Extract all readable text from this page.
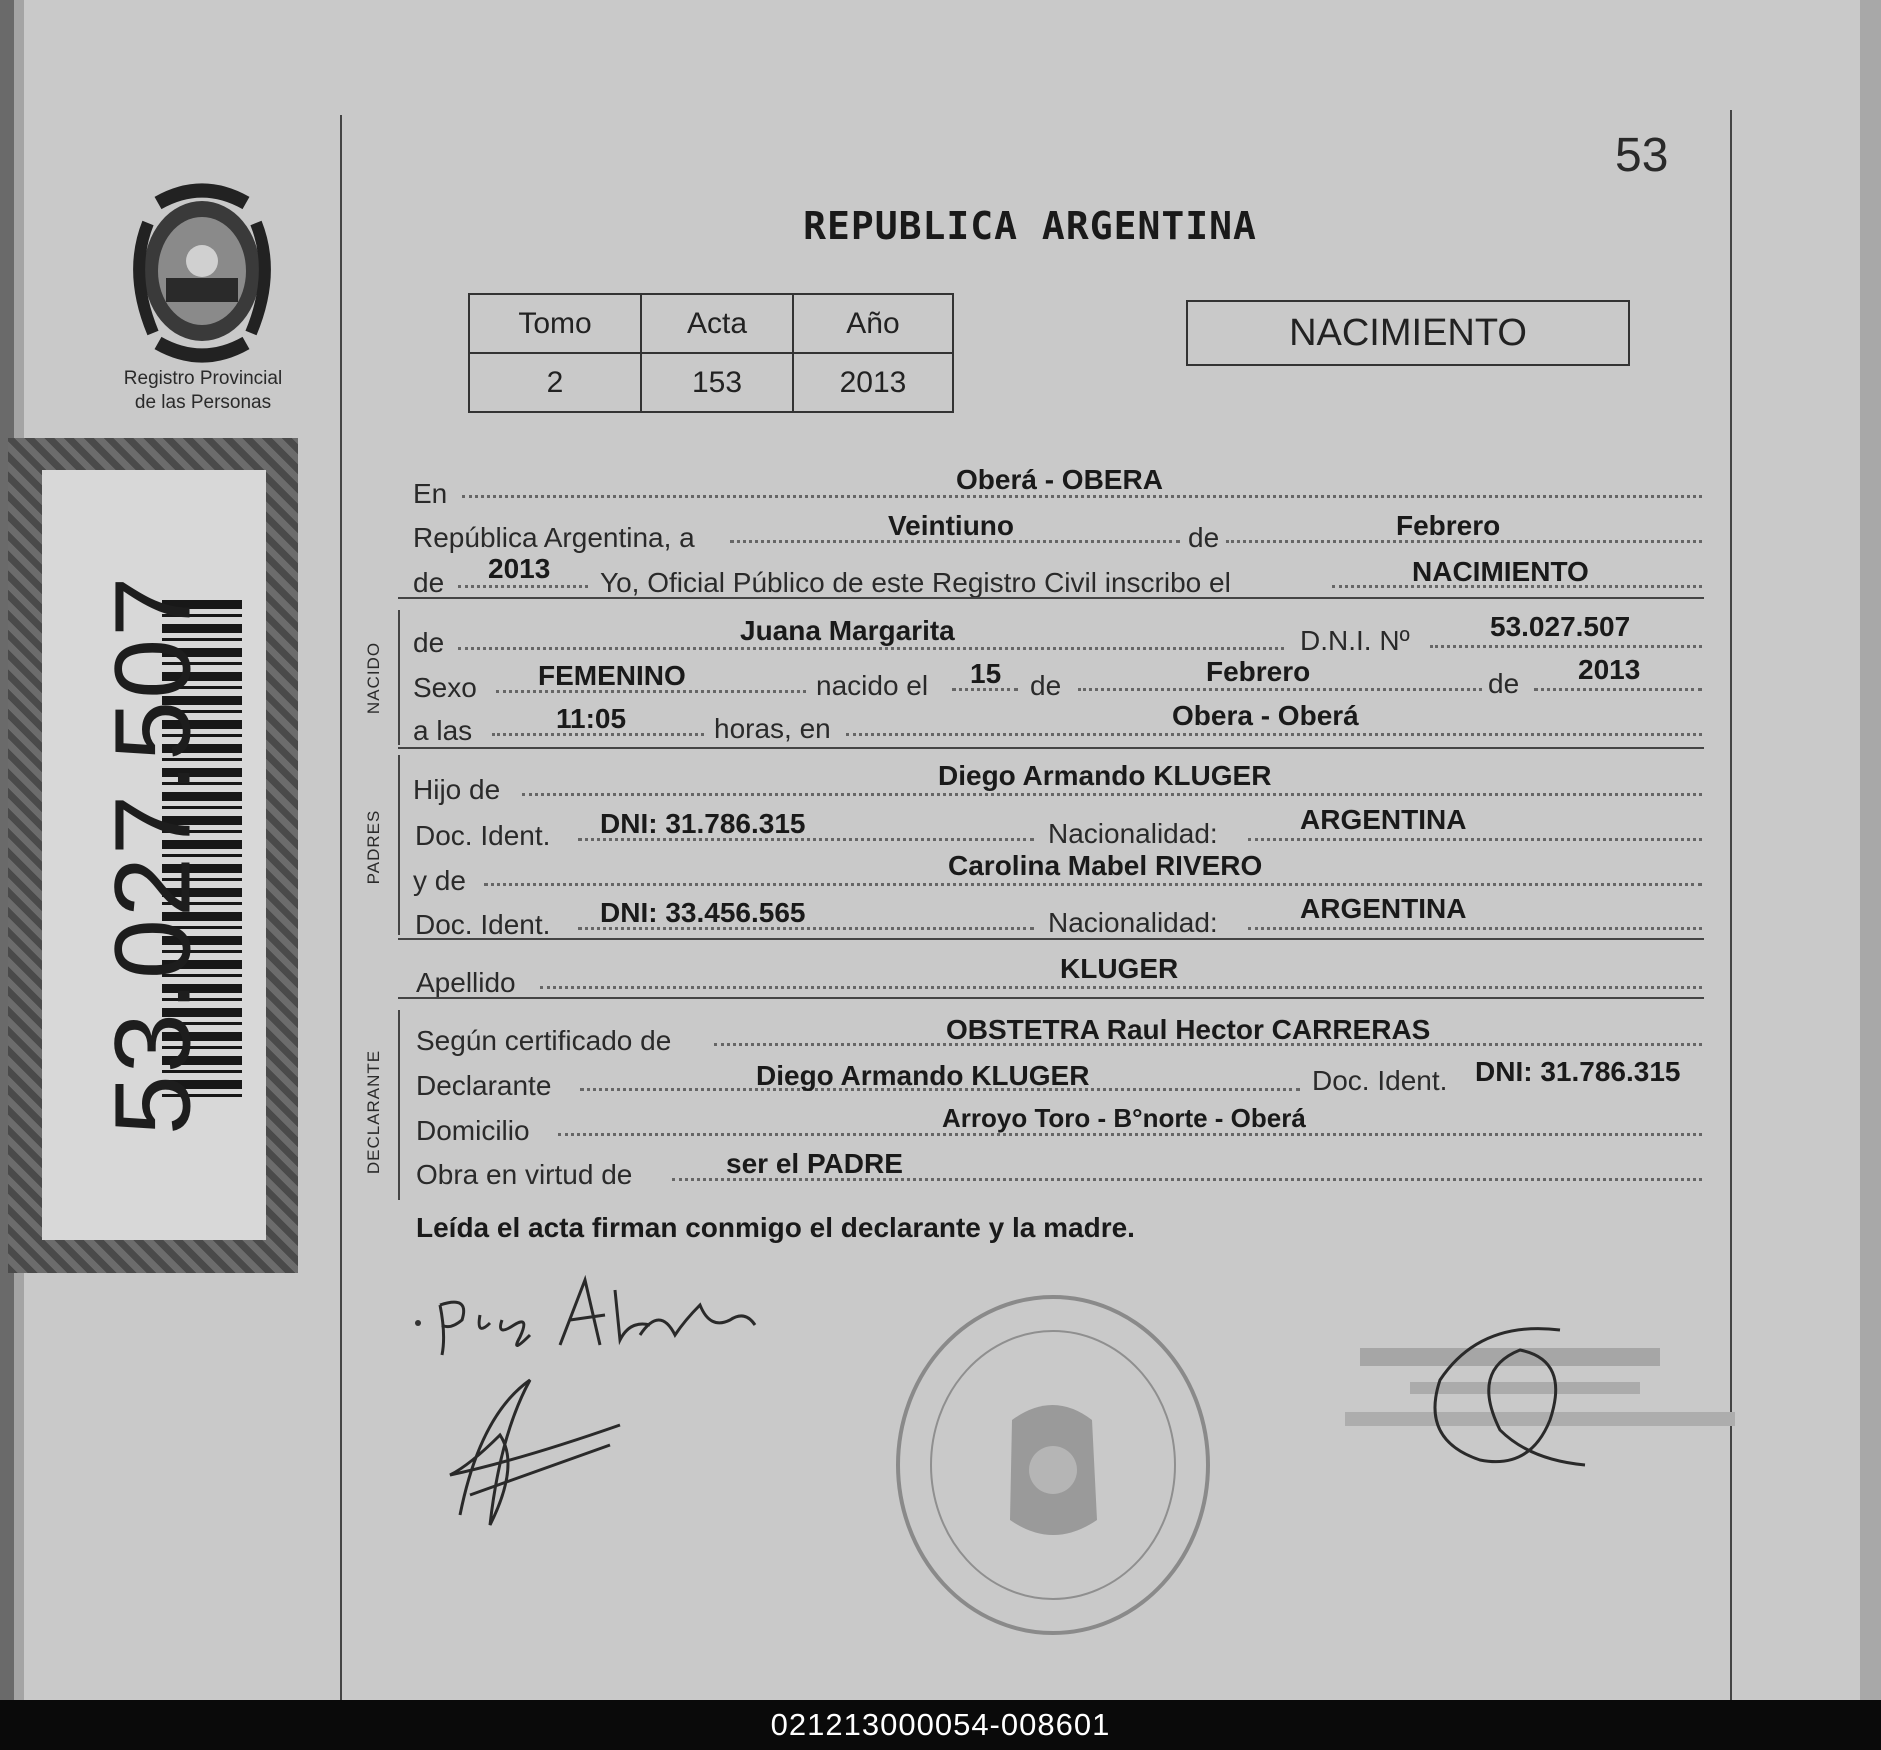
53
REPUBLICA ARGENTINA
Registro Provincial
de las Personas
53.027.507
Tomo	Acta	Año
2	153	2013
NACIMIENTO
En	Oberá - OBERA
República Argentina, a	Veintiuno	de	Febrero
de 2013 Yo, Oficial Público de este Registro Civil inscribo el	NACIMIENTO
NACIDO de	Juana Margarita	D.N.I. Nº	53.027.507
Sexo FEMENINO	nacido el 15 de	Febrero	de 2013
a las	11:05	horas, en	Obera - Oberá
PADRES
Hijo de	Diego Armando KLUGER
Doc. Ident. DNI: 31.786.315	Nacionalidad:	ARGENTINA
y de	Carolina Mabel RIVERO
Doc. Ident. DNI: 33.456.565	Nacionalidad:	ARGENTINA
Apellido	KLUGER
DECLARANTE
Según certificado de	OBSTETRA Raul Hector CARRERAS
Declarante	Diego Armando KLUGER	Doc. Ident. DNI: 31.786.315
Domicilio	Arroyo Toro - B°norte - Oberá
Obra en virtud de	ser el PADRE
Leída el acta firman conmigo el declarante y la madre.
021213000054-008601
